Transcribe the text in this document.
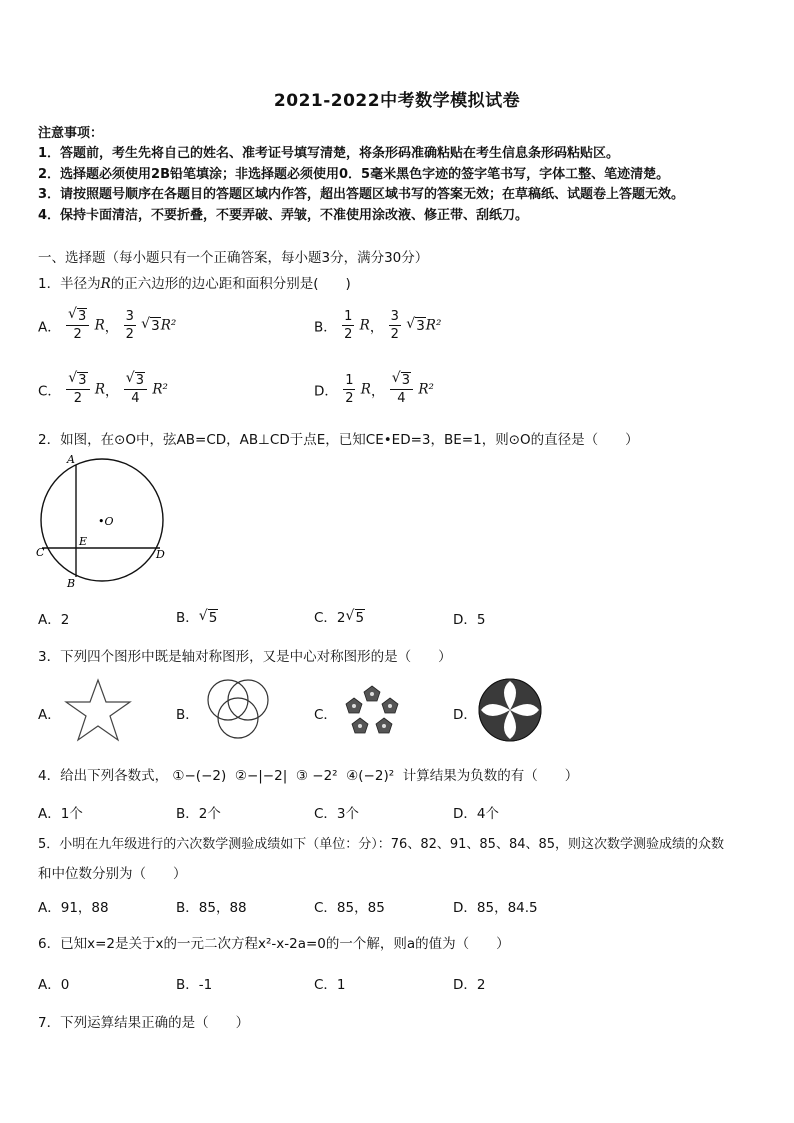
2021-2022中考数学模拟试卷
注意事项：
1．答题前，考生先将自己的姓名、准考证号填写清楚，将条形码准确粘贴在考生信息条形码粘贴区。
2．选择题必须使用2B铅笔填涂；非选择题必须使用0．5毫米黑色字迹的签字笔书写，字体工整、笔迹清楚。
3．请按照题号顺序在各题目的答题区域内作答，超出答题区域书写的答案无效；在草稿纸、试题卷上答题无效。
4．保持卡面清洁，不要折叠，不要弄破、弄皱，不准使用涂改液、修正带、刮纸刀。
一、选择题（每小题只有一个正确答案，每小题3分，满分30分）
1．半径为R的正六边形的边心距和面积分别是(　　)
A． √ $\frac{3}{2}$ R， $\frac{3}{2}$ √ 3R²	B． $\frac{1}{2}$ R， $\frac{3}{2}$ √ 3R²
C． √ $\frac{3}{2}$ R， √ $\frac{3}{4} R^2$	D． $\frac{1}{2}$ R， √ $\frac{3}{4} R^2$
2．如图，在⊙O中，弦AB=CD，AB⊥CD于点E，已知CE•ED=3，BE=1，则⊙O的直径是（　　）
A
B
C	D
E
•O
A．2	B． √ 5	C．2 √ 5	D．5
3．下列四个图形中既是轴对称图形，又是中心对称图形的是（　　）
A．	B．	C．	D．
4．给出下列各数式， ①−(−2) ②−|−2| ③ −2² ④(−2)² 计算结果为负数的有（　　）
A．1个	B．2个	C．3个	D．4个
5．小明在九年级进行的六次数学测验成绩如下（单位：分）：76、82、91、85、84、85，则这次数学测验成绩的众数
和中位数分别为（　　）
A．91，88	B．85，88	C．85，85	D．85，84.5
6．已知x=2是关于x的一元二次方程x²-x-2a=0的一个解，则a的值为（　　）
A．0	B．-1	C．1	D．2
7．下列运算结果正确的是（　　）
